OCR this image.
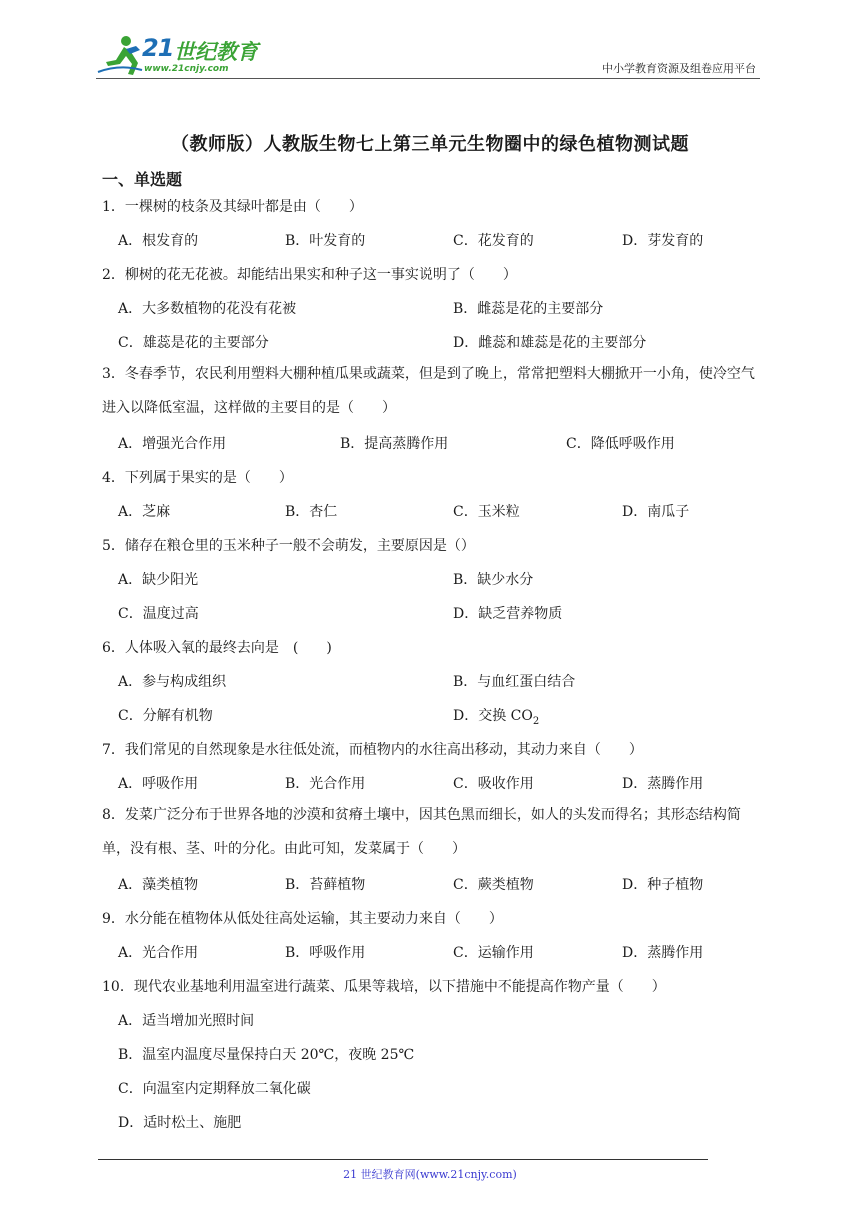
21 世纪教育
www.21cnjy.com	中小学教育资源及组卷应用平台
（教师版）人教版生物七上第三单元生物圈中的绿色植物测试题
一、单选题
1．一棵树的枝条及其绿叶都是由（　　）
A．根发育的	B．叶发育的	C．花发育的	D．芽发育的
2．柳树的花无花被。却能结出果实和种子这一事实说明了（　　）
A．大多数植物的花没有花被	B．雌蕊是花的主要部分
C．雄蕊是花的主要部分	D．雌蕊和雄蕊是花的主要部分
3．冬春季节，农民利用塑料大棚种植瓜果或蔬菜，但是到了晚上，常常把塑料大棚掀开一小角，使冷空气进入以降低室温，这样做的主要目的是（　　）
A．增强光合作用	B．提高蒸腾作用	C．降低呼吸作用
4．下列属于果实的是（　　）
A．芝麻	B．杏仁	C．玉米粒	D．南瓜子
5．储存在粮仓里的玉米种子一般不会萌发，主要原因是（）
A．缺少阳光	B．缺少水分
C．温度过高	D．缺乏营养物质
6．人体吸入氧的最终去向是　(　　)
A．参与构成组织	B．与血红蛋白结合
C．分解有机物	D．交换 $CO_2$
7．我们常见的自然现象是水往低处流，而植物内的水往高出移动，其动力来自（　　）
A．呼吸作用	B．光合作用	C．吸收作用	D．蒸腾作用
8．发菜广泛分布于世界各地的沙漠和贫瘠土壤中，因其色黑而细长，如人的头发而得名；其形态结构简单，没有根、茎、叶的分化。由此可知，发菜属于（　　）
A．藻类植物	B．苔藓植物	C．蕨类植物	D．种子植物
9．水分能在植物体从低处往高处运输，其主要动力来自（　　）
A．光合作用	B．呼吸作用	C．运输作用	D．蒸腾作用
10．现代农业基地利用温室进行蔬菜、瓜果等栽培，以下措施中不能提高作物产量（　　）
A．适当增加光照时间
B．温室内温度尽量保持白天 20℃，夜晚 25℃
C．向温室内定期释放二氧化碳
D．适时松土、施肥
21 世纪教育网(www.21cnjy.com)
